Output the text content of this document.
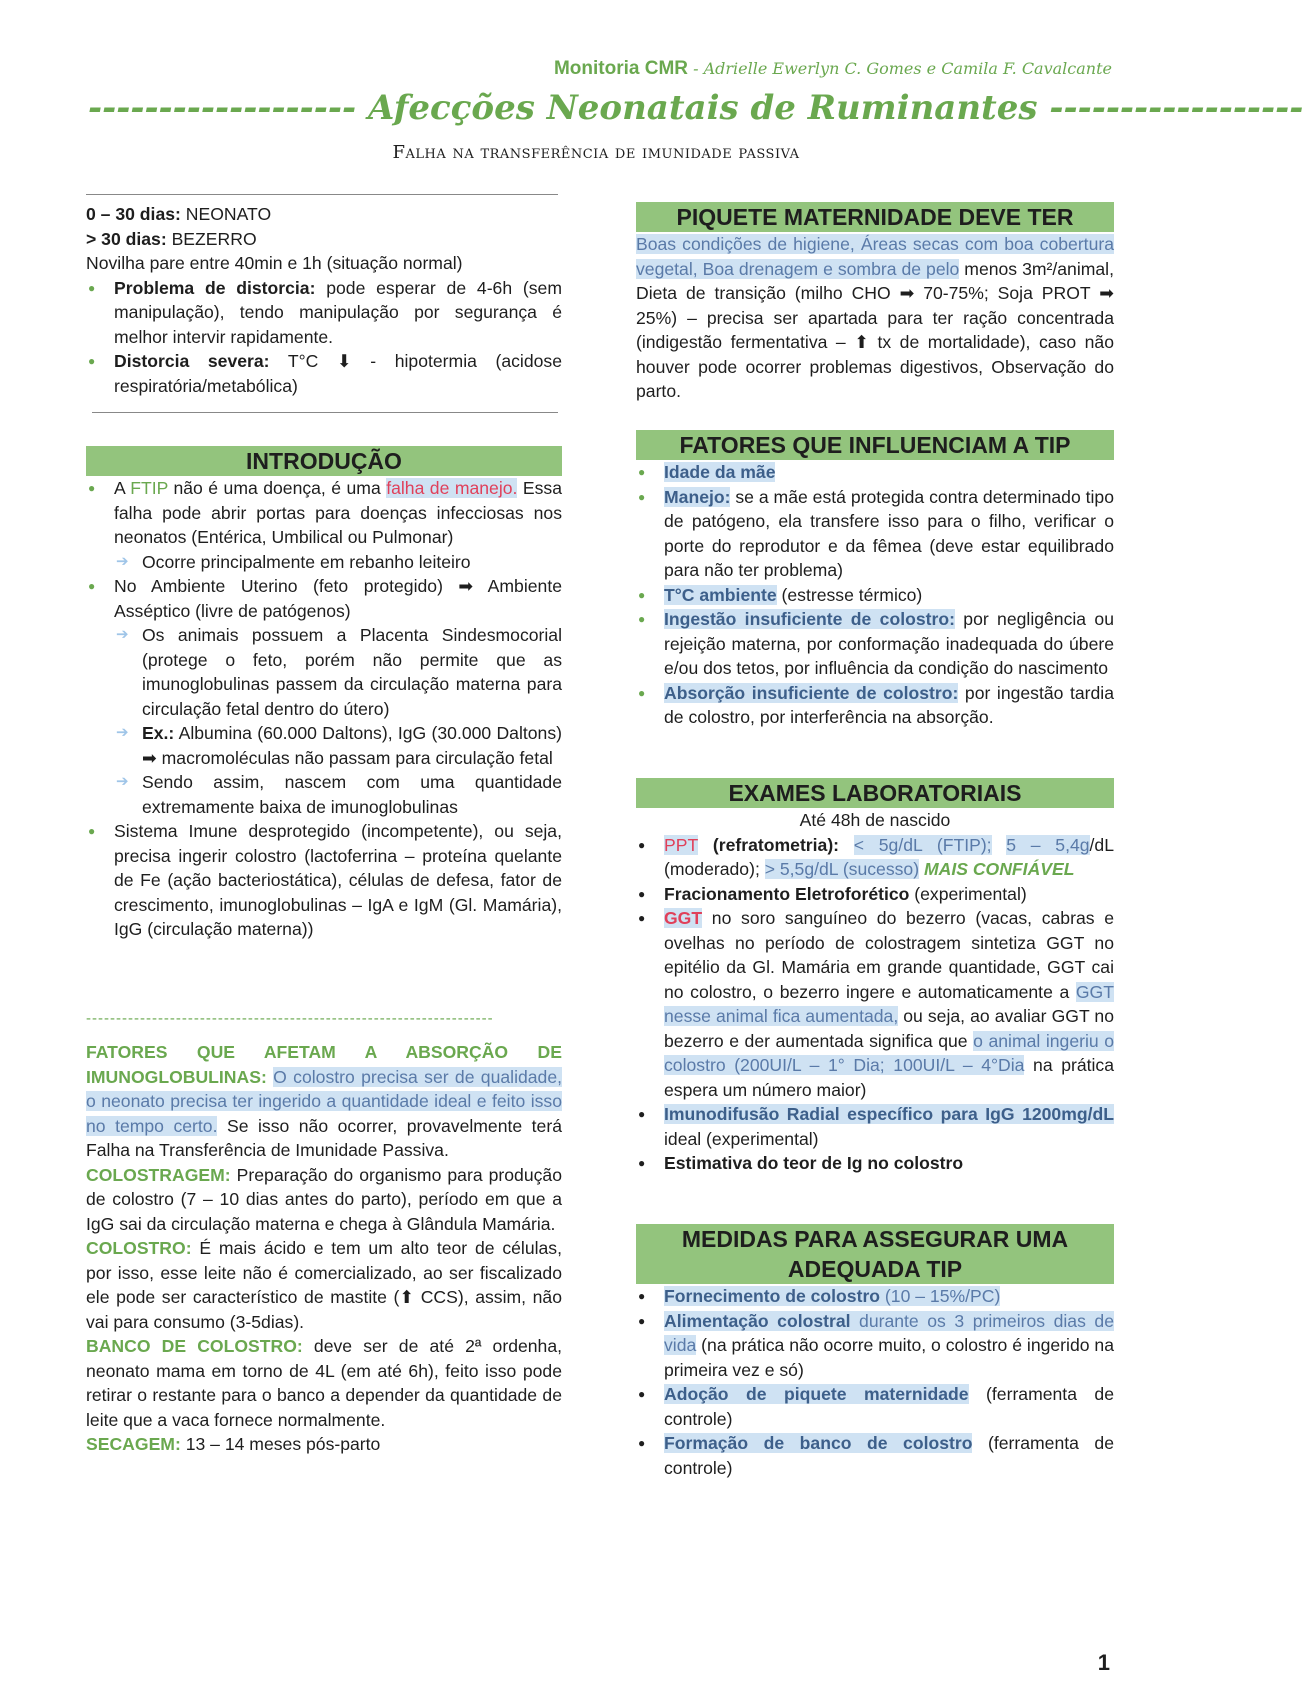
Monitoria CMR - Adrielle Ewerlyn C. Gomes e Camila F. Cavalcante
------------------- Afecções Neonatais de Ruminantes ------------------
Falha na transferência de imunidade passiva

0 – 30 dias: NEONATO

> 30 dias: BEZERRO

Novilha pare entre 40min e 1h (situação normal)

● Problema de distorcia: pode esperar de 4-6h (sem manipulação), tendo manipulação por segurança é melhor intervir rapidamente.
● Distorcia severa: T°C ⬇ - hipotermia (acidose respiratória/metabólica)
INTRODUÇÃO
● A FTIP não é uma doença, é uma falha de manejo. Essa falha pode abrir portas para doenças infecciosas nos neonatos (Entérica, Umbilical ou Pulmonar)
➔ Ocorre principalmente em rebanho leiteiro
● No Ambiente Uterino (feto protegido) ➡ Ambiente Asséptico (livre de patógenos)
➔ Os animais possuem a Placenta Sindesmocorial (protege o feto, porém não permite que as imunoglobulinas passem da circulação materna para circulação fetal dentro do útero)
➔ Ex.: Albumina (60.000 Daltons), IgG (30.000 Daltons) ➡ macromoléculas não passam para circulação fetal
➔ Sendo assim, nascem com uma quantidade extremamente baixa de imunoglobulinas
● Sistema Imune desprotegido (incompetente), ou seja, precisa ingerir colostro (lactoferrina – proteína quelante de Fe (ação bacteriostática), células de defesa, fator de crescimento, imunoglobulinas – IgA e IgM (Gl. Mamária), IgG (circulação materna))
--------------------------------------------------------------------

FATORES QUE AFETAM A ABSORÇÃO DE IMUNOGLOBULINAS: O colostro precisa ser de qualidade, o neonato precisa ter ingerido a quantidade ideal e feito isso no tempo certo. Se isso não ocorrer, provavelmente terá Falha na Transferência de Imunidade Passiva.

COLOSTRAGEM: Preparação do organismo para produção de colostro (7 – 10 dias antes do parto), período em que a IgG sai da circulação materna e chega à Glândula Mamária.

COLOSTRO: É mais ácido e tem um alto teor de células, por isso, esse leite não é comercializado, ao ser fiscalizado ele pode ser característico de mastite (⬆ CCS), assim, não vai para consumo (3-5dias).

BANCO DE COLOSTRO: deve ser de até 2ª ordenha, neonato mama em torno de 4L (em até 6h), feito isso pode retirar o restante para o banco a depender da quantidade de leite que a vaca fornece normalmente.

SECAGEM: 13 – 14 meses pós-parto

PIQUETE MATERNIDADE DEVE TER

Boas condições de higiene, Áreas secas com boa cobertura vegetal, Boa drenagem e sombra de pelo menos 3m²/animal, Dieta de transição (milho CHO ➡ 70-75%; Soja PROT ➡ 25%) – precisa ser apartada para ter ração concentrada (indigestão fermentativa – ⬆ tx de mortalidade), caso não houver pode ocorrer problemas digestivos, Observação do parto.

FATORES QUE INFLUENCIAM A TIP
● Idade da mãe
● Manejo: se a mãe está protegida contra determinado tipo de patógeno, ela transfere isso para o filho, verificar o porte do reprodutor e da fêmea (deve estar equilibrado para não ter problema)
● T°C ambiente (estresse térmico)
● Ingestão insuficiente de colostro: por negligência ou rejeição materna, por conformação inadequada do úbere e/ou dos tetos, por influência da condição do nascimento
● Absorção insuficiente de colostro: por ingestão tardia de colostro, por interferência na absorção.
EXAMES LABORATORIAIS

Até 48h de nascido

● PPT (refratometria): < 5g/dL (FTIP); 5 – 5,4g/dL (moderado); > 5,5g/dL (sucesso) MAIS CONFIÁVEL
● Fracionamento Eletroforético (experimental)
● GGT no soro sanguíneo do bezerro (vacas, cabras e ovelhas no período de colostragem sintetiza GGT no epitélio da Gl. Mamária em grande quantidade, GGT cai no colostro, o bezerro ingere e automaticamente a GGT nesse animal fica aumentada, ou seja, ao avaliar GGT no bezerro e der aumentada significa que o animal ingeriu o colostro (200UI/L – 1° Dia; 100UI/L – 4°Dia na prática espera um número maior)
● Imunodifusão Radial específico para IgG 1200mg/dL ideal (experimental)
● Estimativa do teor de Ig no colostro
MEDIDAS PARA ASSEGURAR UMA ADEQUADA TIP
● Fornecimento de colostro (10 – 15%/PC)
● Alimentação colostral durante os 3 primeiros dias de vida (na prática não ocorre muito, o colostro é ingerido na primeira vez e só)
● Adoção de piquete maternidade (ferramenta de controle)
● Formação de banco de colostro (ferramenta de controle)
1
